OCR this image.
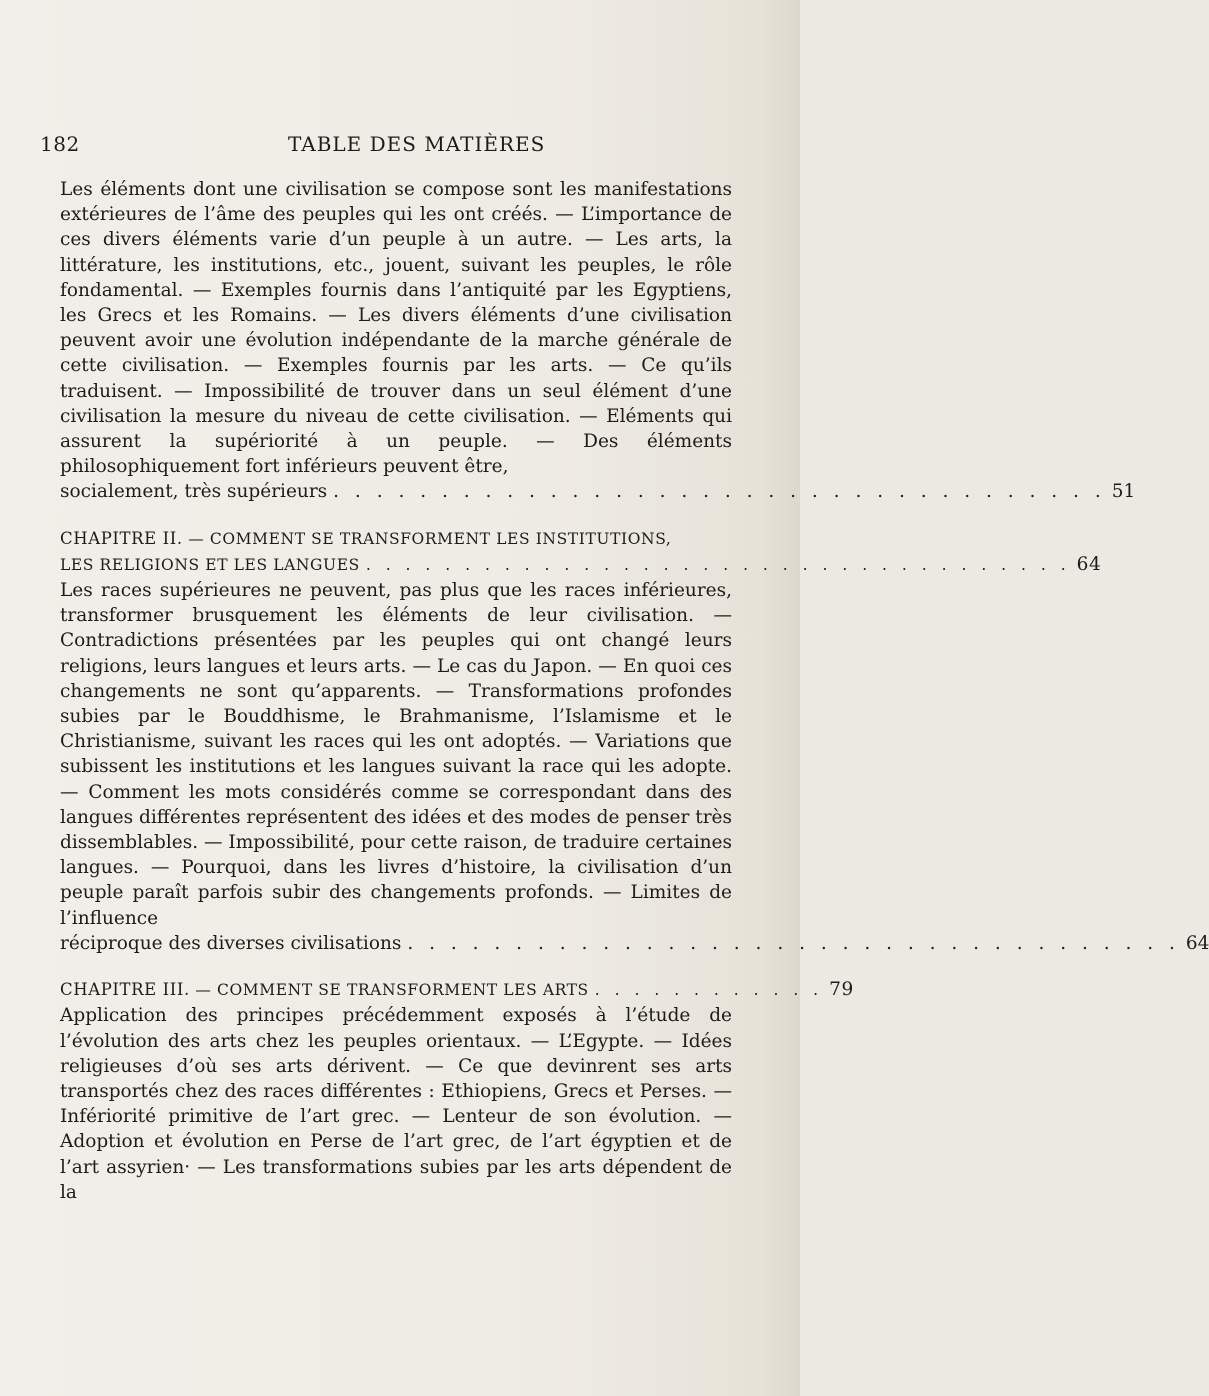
182	TABLE DES MATIÈRES

Les éléments dont une civilisation se compose sont les manifestations extérieures de l’âme des peuples qui les ont créés. — L’importance de ces divers éléments varie d’un peuple à un autre. — Les arts, la littérature, les institutions, etc., jouent, suivant les peuples, le rôle fondamental. — Exemples fournis dans l’antiquité par les Egyptiens, les Grecs et les Romains. — Les divers éléments d’une civilisation peuvent avoir une évolution indépendante de la marche générale de cette civilisation. — Exemples fournis par les arts. — Ce qu’ils traduisent. — Impossibilité de trouver dans un seul élément d’une civilisation la mesure du niveau de cette civilisation. — Eléments qui assurent la supériorité à un peuple. — Des éléments philosophiquement fort inférieurs peuvent être,

socialement, très supérieurs . . . . . . . . . . . . . . . . . . . . . . . . . . . . . . . . . . . . 51
CHAPITRE II. — COMMENT SE TRANSFORMENT LES INSTITUTIONS,
LES RELIGIONS ET LES LANGUES . . . . . . . . . . . . . . . . . . . . . . . . . . . . . . . . . . . . 64

Les races supérieures ne peuvent, pas plus que les races inférieures, transformer brusquement les éléments de leur civilisation. — Contradictions présentées par les peuples qui ont changé leurs religions, leurs langues et leurs arts. — Le cas du Japon. — En quoi ces changements ne sont qu’apparents. — Transformations profondes subies par le Bouddhisme, le Brahmanisme, l’Islamisme et le Christianisme, suivant les races qui les ont adoptés. — Variations que subissent les institutions et les langues suivant la race qui les adopte. — Comment les mots considérés comme se correspondant dans des langues différentes représentent des idées et des modes de penser très dissemblables. — Impossibilité, pour cette raison, de traduire certaines langues. — Pourquoi, dans les livres d’histoire, la civilisation d’un peuple paraît parfois subir des changements profonds. — Limites de l’influence

réciproque des diverses civilisations . . . . . . . . . . . . . . . . . . . . . . . . . . . . . . . . . . . . 64
CHAPITRE III. — COMMENT SE TRANSFORMENT LES ARTS . . . . . . . . . . . . 79

Application des principes précédemment exposés à l’étude de l’évolution des arts chez les peuples orientaux. — L’Egypte. — Idées religieuses d’où ses arts dérivent. — Ce que devinrent ses arts transportés chez des races différentes : Ethiopiens, Grecs et Perses. — Infériorité primitive de l’art grec. — Lenteur de son évolution. — Adoption et évolution en Perse de l’art grec, de l’art égyptien et de l’art assyrien· — Les transformations subies par les arts dépendent de la
